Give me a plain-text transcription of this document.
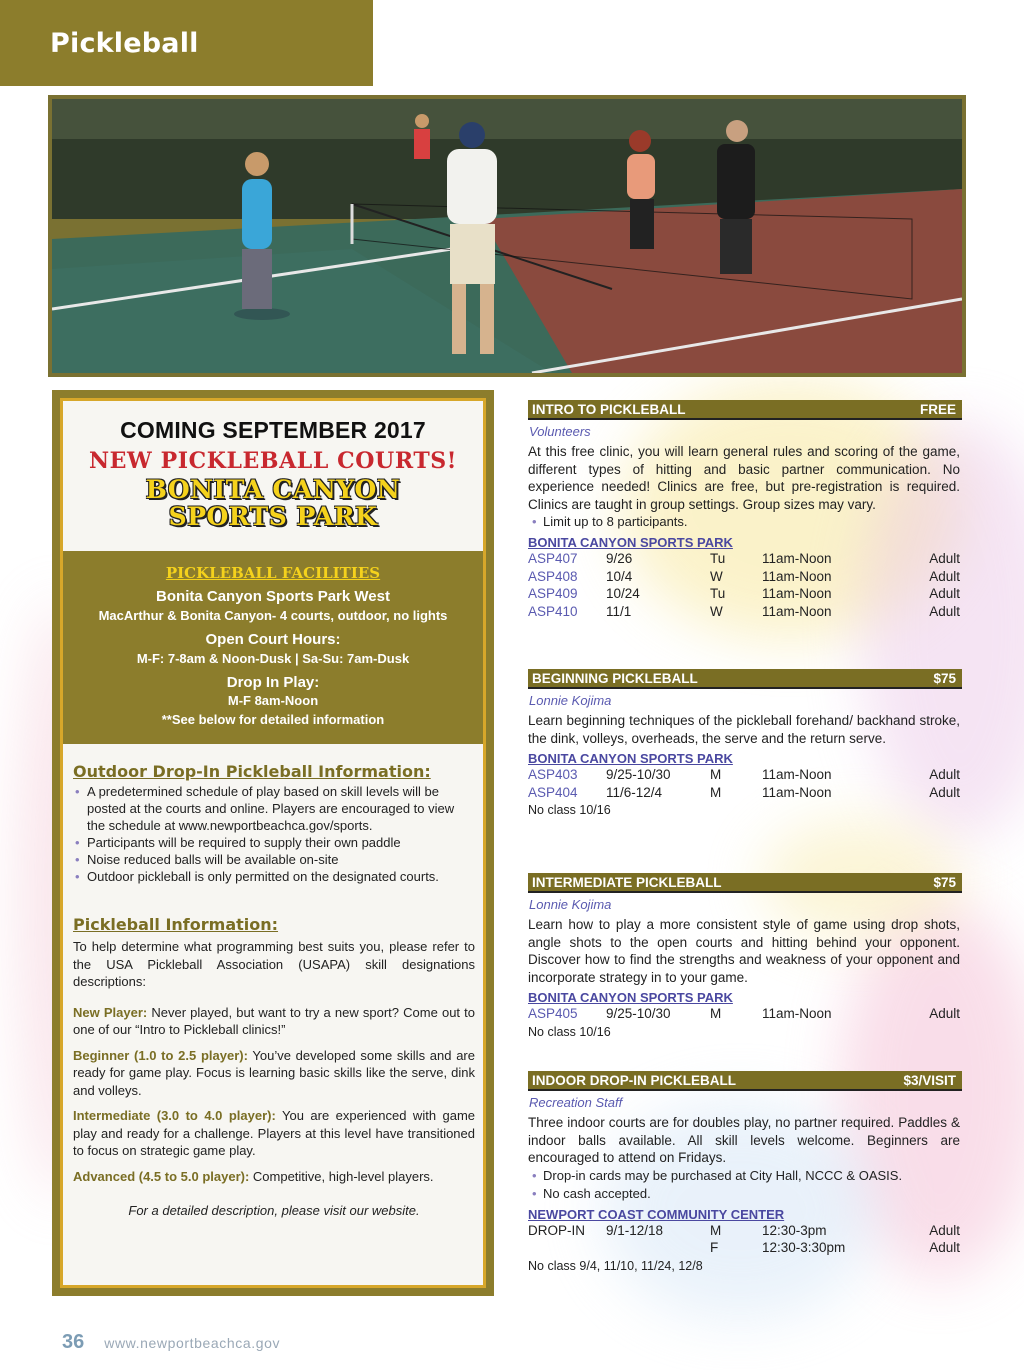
Pickleball
COMING SEPTEMBER 2017
NEW PICKLEBALL COURTS!
BONITA CANYON
SPORTS PARK
PICKLEBALL FACILITIES
Bonita Canyon Sports Park West
MacArthur & Bonita Canyon- 4 courts, outdoor, no lights
Open Court Hours:
M-F: 7-8am & Noon-Dusk | Sa-Su: 7am-Dusk
Drop In Play:
M-F 8am-Noon
**See below for detailed information
Outdoor Drop-In Pickleball Information:
• A predetermined schedule of play based on skill levels will be posted at the courts and online. Players are encouraged to view the schedule at www.newportbeachca.gov/sports.
• Participants will be required to supply their own paddle
• Noise reduced balls will be available on-site
• Outdoor pickleball is only permitted on the designated courts.
Pickleball Information:

To help determine what programming best suits you, please refer to the USA Pickleball Association (USAPA) skill designations descriptions:

New Player: Never played, but want to try a new sport? Come out to one of our “Intro to Pickleball clinics!”

Beginner (1.0 to 2.5 player): You’ve developed some skills and are ready for game play. Focus is learning basic skills like the serve, dink and volleys.

Intermediate (3.0 to 4.0 player): You are experienced with game play and ready for a challenge. Players at this level have transitioned to focus on strategic game play.

Advanced (4.5 to 5.0 player): Competitive, high-level players.

For a detailed description, please visit our website.

INTRO TO PICKLEBALL	FREE
Volunteers
At this free clinic, you will learn general rules and scoring of the game, different types of hitting and basic partner communication. No experience needed! Clinics are free, but pre-registration is required. Clinics are taught in group settings. Group sizes may vary.
• Limit up to 8 participants.
BONITA CANYON SPORTS PARK
ASP407 9/26	Tu	11am-Noon	Adult
ASP408 10/4	W	11am-Noon	Adult
ASP409 10/24	Tu	11am-Noon	Adult
ASP410 11/1	W	11am-Noon	Adult
BEGINNING PICKLEBALL	$75
Lonnie Kojima
Learn beginning techniques of the pickleball forehand/ backhand stroke, the dink, volleys, overheads, the serve and the return serve.
BONITA CANYON SPORTS PARK
ASP403 9/25-10/30	M	11am-Noon	Adult
ASP404 11/6-12/4	M	11am-Noon	Adult
No class 10/16
INTERMEDIATE PICKLEBALL	$75
Lonnie Kojima
Learn how to play a more consistent style of game using drop shots, angle shots to the open courts and hitting behind your opponent. Discover how to find the strengths and weakness of your opponent and incorporate strategy in to your game.
BONITA CANYON SPORTS PARK
ASP405 9/25-10/30	M	11am-Noon	Adult
No class 10/16
INDOOR DROP-IN PICKLEBALL	$3/VISIT
Recreation Staff
Three indoor courts are for doubles play, no partner required. Paddles & indoor balls available. All skill levels welcome. Beginners are encouraged to attend on Fridays.
• Drop-in cards may be purchased at City Hall, NCCC & OASIS.
• No cash accepted.
NEWPORT COAST COMMUNITY CENTER
DROP-IN 9/1-12/18	M	12:30-3pm	Adult
F	12:30-3:30pm	Adult
No class 9/4, 11/10, 11/24, 12/8
36 www.newportbeachca.gov
